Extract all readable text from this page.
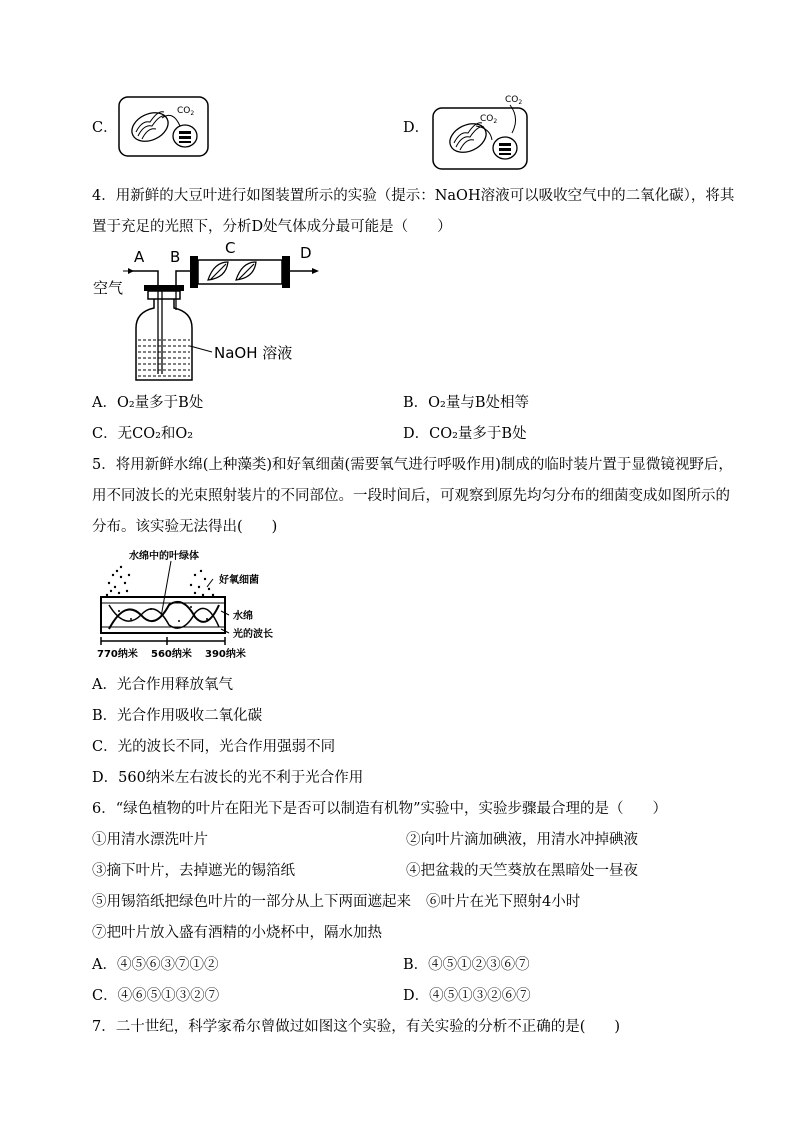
C．
$CO_2$
D．
$CO_2$
$CO_2$
4．用新鲜的大豆叶进行如图装置所示的实验（提示：NaOH溶液可以吸收空气中的二氧化碳），将其
置于充足的光照下，分析D处气体成分最可能是（　　）
A B	C	D
空气
NaOH 溶液
A．O₂量多于B处	B．O₂量与B处相等
C．无CO₂和O₂	D．CO₂量多于B处
5．将用新鲜水绵(上种藻类)和好氧细菌(需要氧气进行呼吸作用)制成的临时装片置于显微镜视野后，
用不同波长的光束照射装片的不同部位。一段时间后，可观察到原先均匀分布的细菌变成如图所示的
分布。该实验无法得出(　　)
水绵中的叶绿体
好氧细菌
水绵
光的波长
770纳米 560纳米 390纳米
A．光合作用释放氧气
B．光合作用吸收二氧化碳
C．光的波长不同，光合作用强弱不同
D．560纳米左右波长的光不利于光合作用
6．“绿色植物的叶片在阳光下是否可以制造有机物”实验中，实验步骤最合理的是（　　）
①用清水漂洗叶片	②向叶片滴加碘液，用清水冲掉碘液
③摘下叶片，去掉遮光的锡箔纸	④把盆栽的天竺葵放在黑暗处一昼夜
⑤用锡箔纸把绿色叶片的一部分从上下两面遮起来 ⑥叶片在光下照射4小时
⑦把叶片放入盛有酒精的小烧杯中，隔水加热
A．④⑤⑥③⑦①②	B．④⑤①②③⑥⑦
C．④⑥⑤①③②⑦	D．④⑤①③②⑥⑦
7．二十世纪，科学家希尔曾做过如图这个实验，有关实验的分析不正确的是(　　)
